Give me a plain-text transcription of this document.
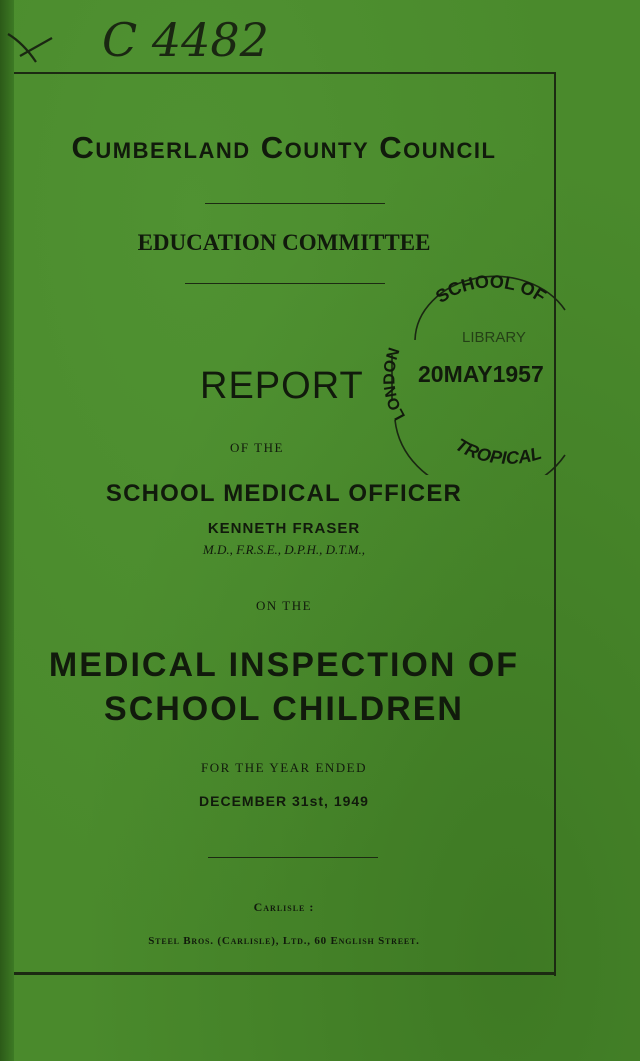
C 4482
Cumberland County Council
EDUCATION COMMITTEE
REPORT
OF THE
SCHOOL MEDICAL OFFICER
KENNETH FRASER
M.D., F.R.S.E., D.P.H., D.T.M.,
ON THE
MEDICAL INSPECTION OF
SCHOOL CHILDREN
FOR THE YEAR ENDED
DECEMBER 31st, 1949
Carlisle :
Steel Bros. (Carlisle), Ltd., 60 English Street.
SCHOOL OF
LONDON
LIBRARY
20MAY1957
TROPICAL
